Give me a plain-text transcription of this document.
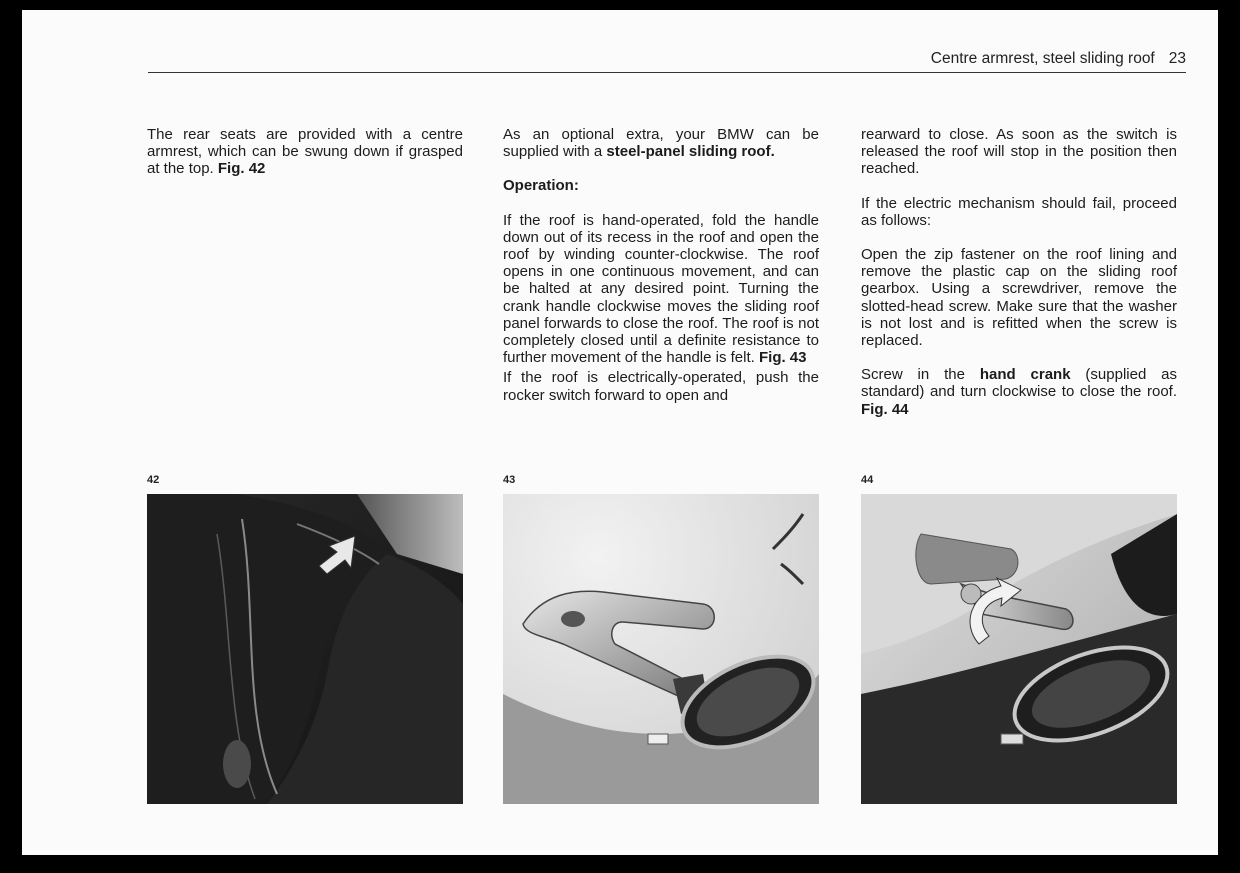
Centre armrest, steel sliding roof 23

The rear seats are provided with a centre armrest, which can be swung down if grasped at the top. Fig. 42

As an optional extra, your BMW can be supplied with a steel-panel sliding roof.

Operation:

If the roof is hand-operated, fold the handle down out of its recess in the roof and open the roof by winding counter-clockwise. The roof opens in one continuous movement, and can be halted at any desired point. Turning the crank handle clockwise moves the sliding roof panel forwards to close the roof. The roof is not completely closed until a definite resistance to further movement of the handle is felt. Fig. 43

If the roof is electrically-operated, push the rocker switch forward to open and

rearward to close. As soon as the switch is released the roof will stop in the position then reached.

If the electric mechanism should fail, proceed as follows:

Open the zip fastener on the roof lining and remove the plastic cap on the sliding roof gearbox. Using a screwdriver, remove the slotted-head screw. Make sure that the washer is not lost and is refitted when the screw is replaced.

Screw in the hand crank (supplied as standard) and turn clockwise to close the roof. Fig. 44

42	43	44
